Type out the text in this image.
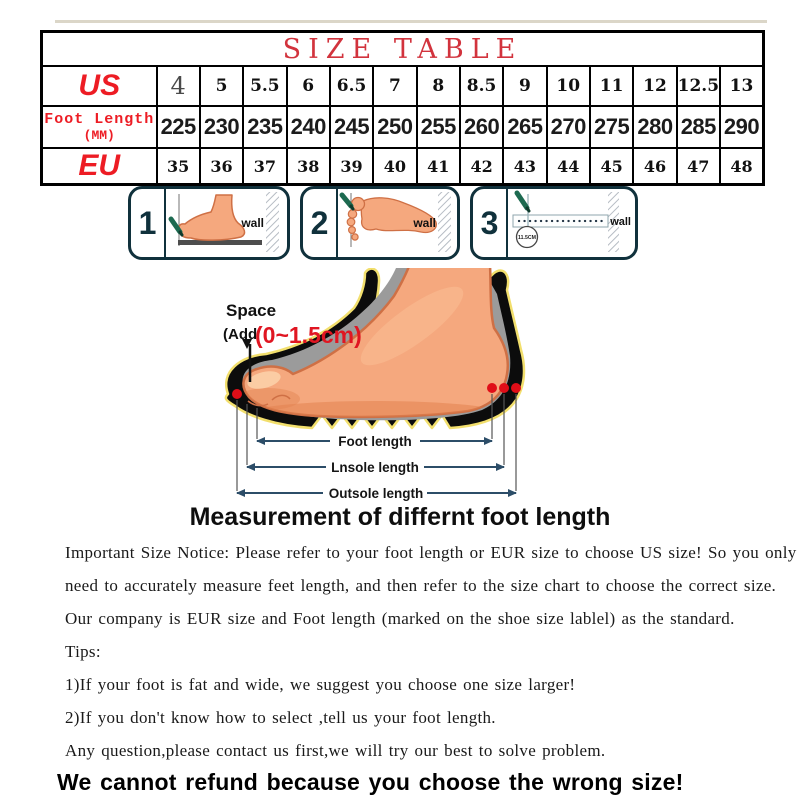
SIZE TABLE														
US	4	5	5.5	6	6.5	7	8	8.5	9	10	11	12	12.5	13

Foot Length
(MM)	225	230	235	240	245	250	255	260	265	270	275	280	285	290
EU	35	36	37	38	39	40	41	42	43	44	45	46	47	48
1	wall 2	wall 3	11.5CM
wall
Space
(Add
(0~1.5cm)
Foot length
Lnsole length
Outsole length
Measurement of differnt foot length

Important Size Notice: Please refer to your foot length or EUR size to choose US size! So you only

need to accurately measure feet length, and then refer to the size chart to choose the correct size.

Our company is EUR size and Foot length (marked on the shoe size lablel) as the standard.

Tips:

1)If your foot is fat and wide, we suggest you choose one size larger!

2)If you don't know how to select ,tell us your foot length.

Any question,please contact us first,we will try our best to solve problem.

We cannot refund because you choose the wrong size!
